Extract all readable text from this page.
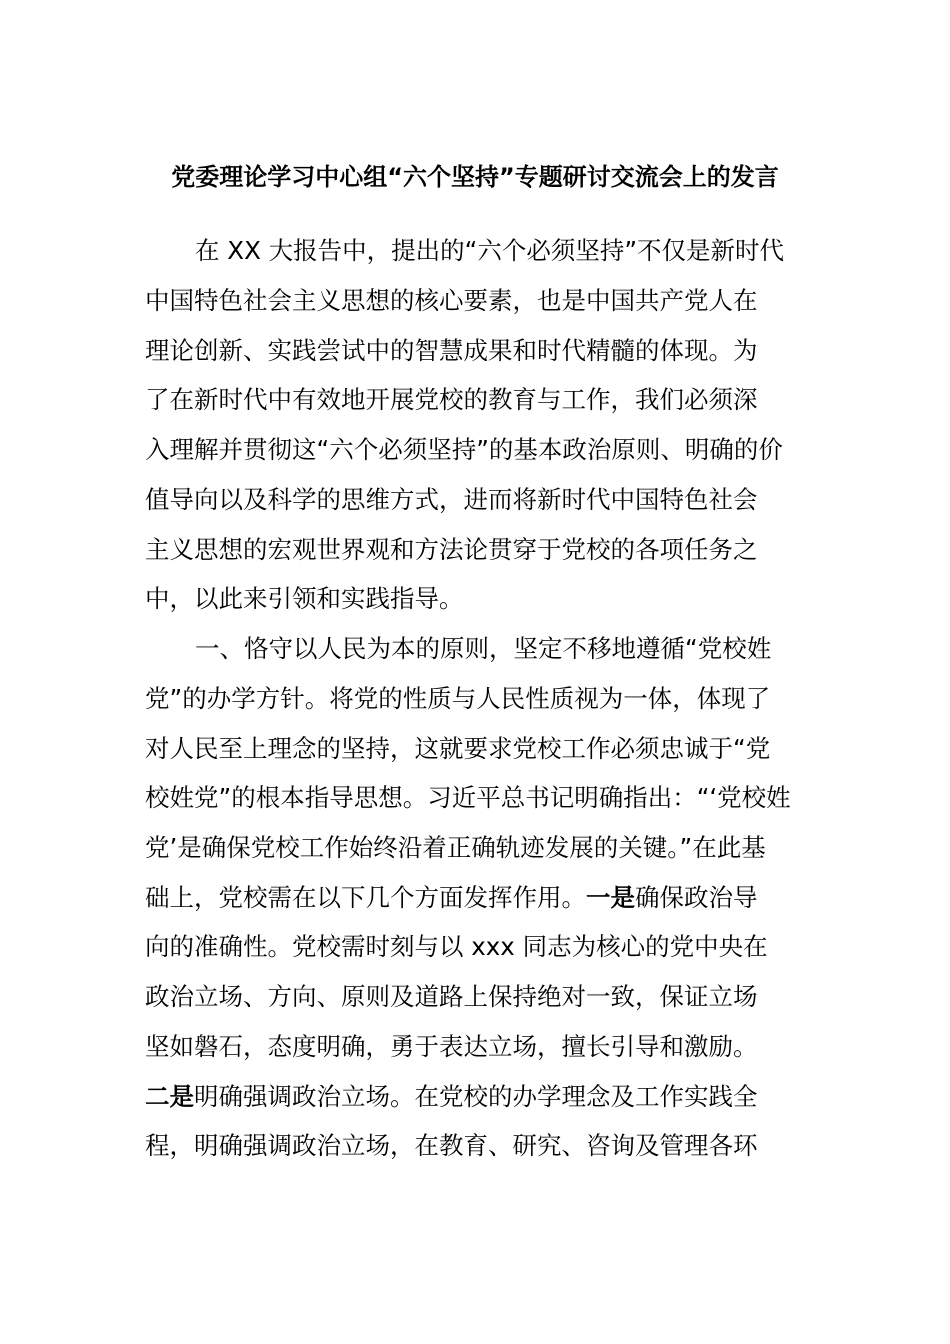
党委理论学习中心组“六个坚持”专题研讨交流会上的发言
在 XX 大报告中，提出的“六个必须坚持”不仅是新时代
中国特色社会主义思想的核心要素，也是中国共产党人在
理论创新、实践尝试中的智慧成果和时代精髓的体现。为
了在新时代中有效地开展党校的教育与工作，我们必须深
入理解并贯彻这“六个必须坚持”的基本政治原则、明确的价
值导向以及科学的思维方式，进而将新时代中国特色社会
主义思想的宏观世界观和方法论贯穿于党校的各项任务之
中，以此来引领和实践指导。
一、恪守以人民为本的原则，坚定不移地遵循“党校姓
党”的办学方针。将党的性质与人民性质视为一体，体现了
对人民至上理念的坚持，这就要求党校工作必须忠诚于“党
校姓党”的根本指导思想。习近平总书记明确指出：“‘党校姓
党’是确保党校工作始终沿着正确轨迹发展的关键。”在此基
础上，党校需在以下几个方面发挥作用。一是确保政治导
向的准确性。党校需时刻与以 xxx 同志为核心的党中央在
政治立场、方向、原则及道路上保持绝对一致，保证立场
坚如磐石，态度明确，勇于表达立场，擅长引导和激励。
二是明确强调政治立场。在党校的办学理念及工作实践全
程，明确强调政治立场，在教育、研究、咨询及管理各环
